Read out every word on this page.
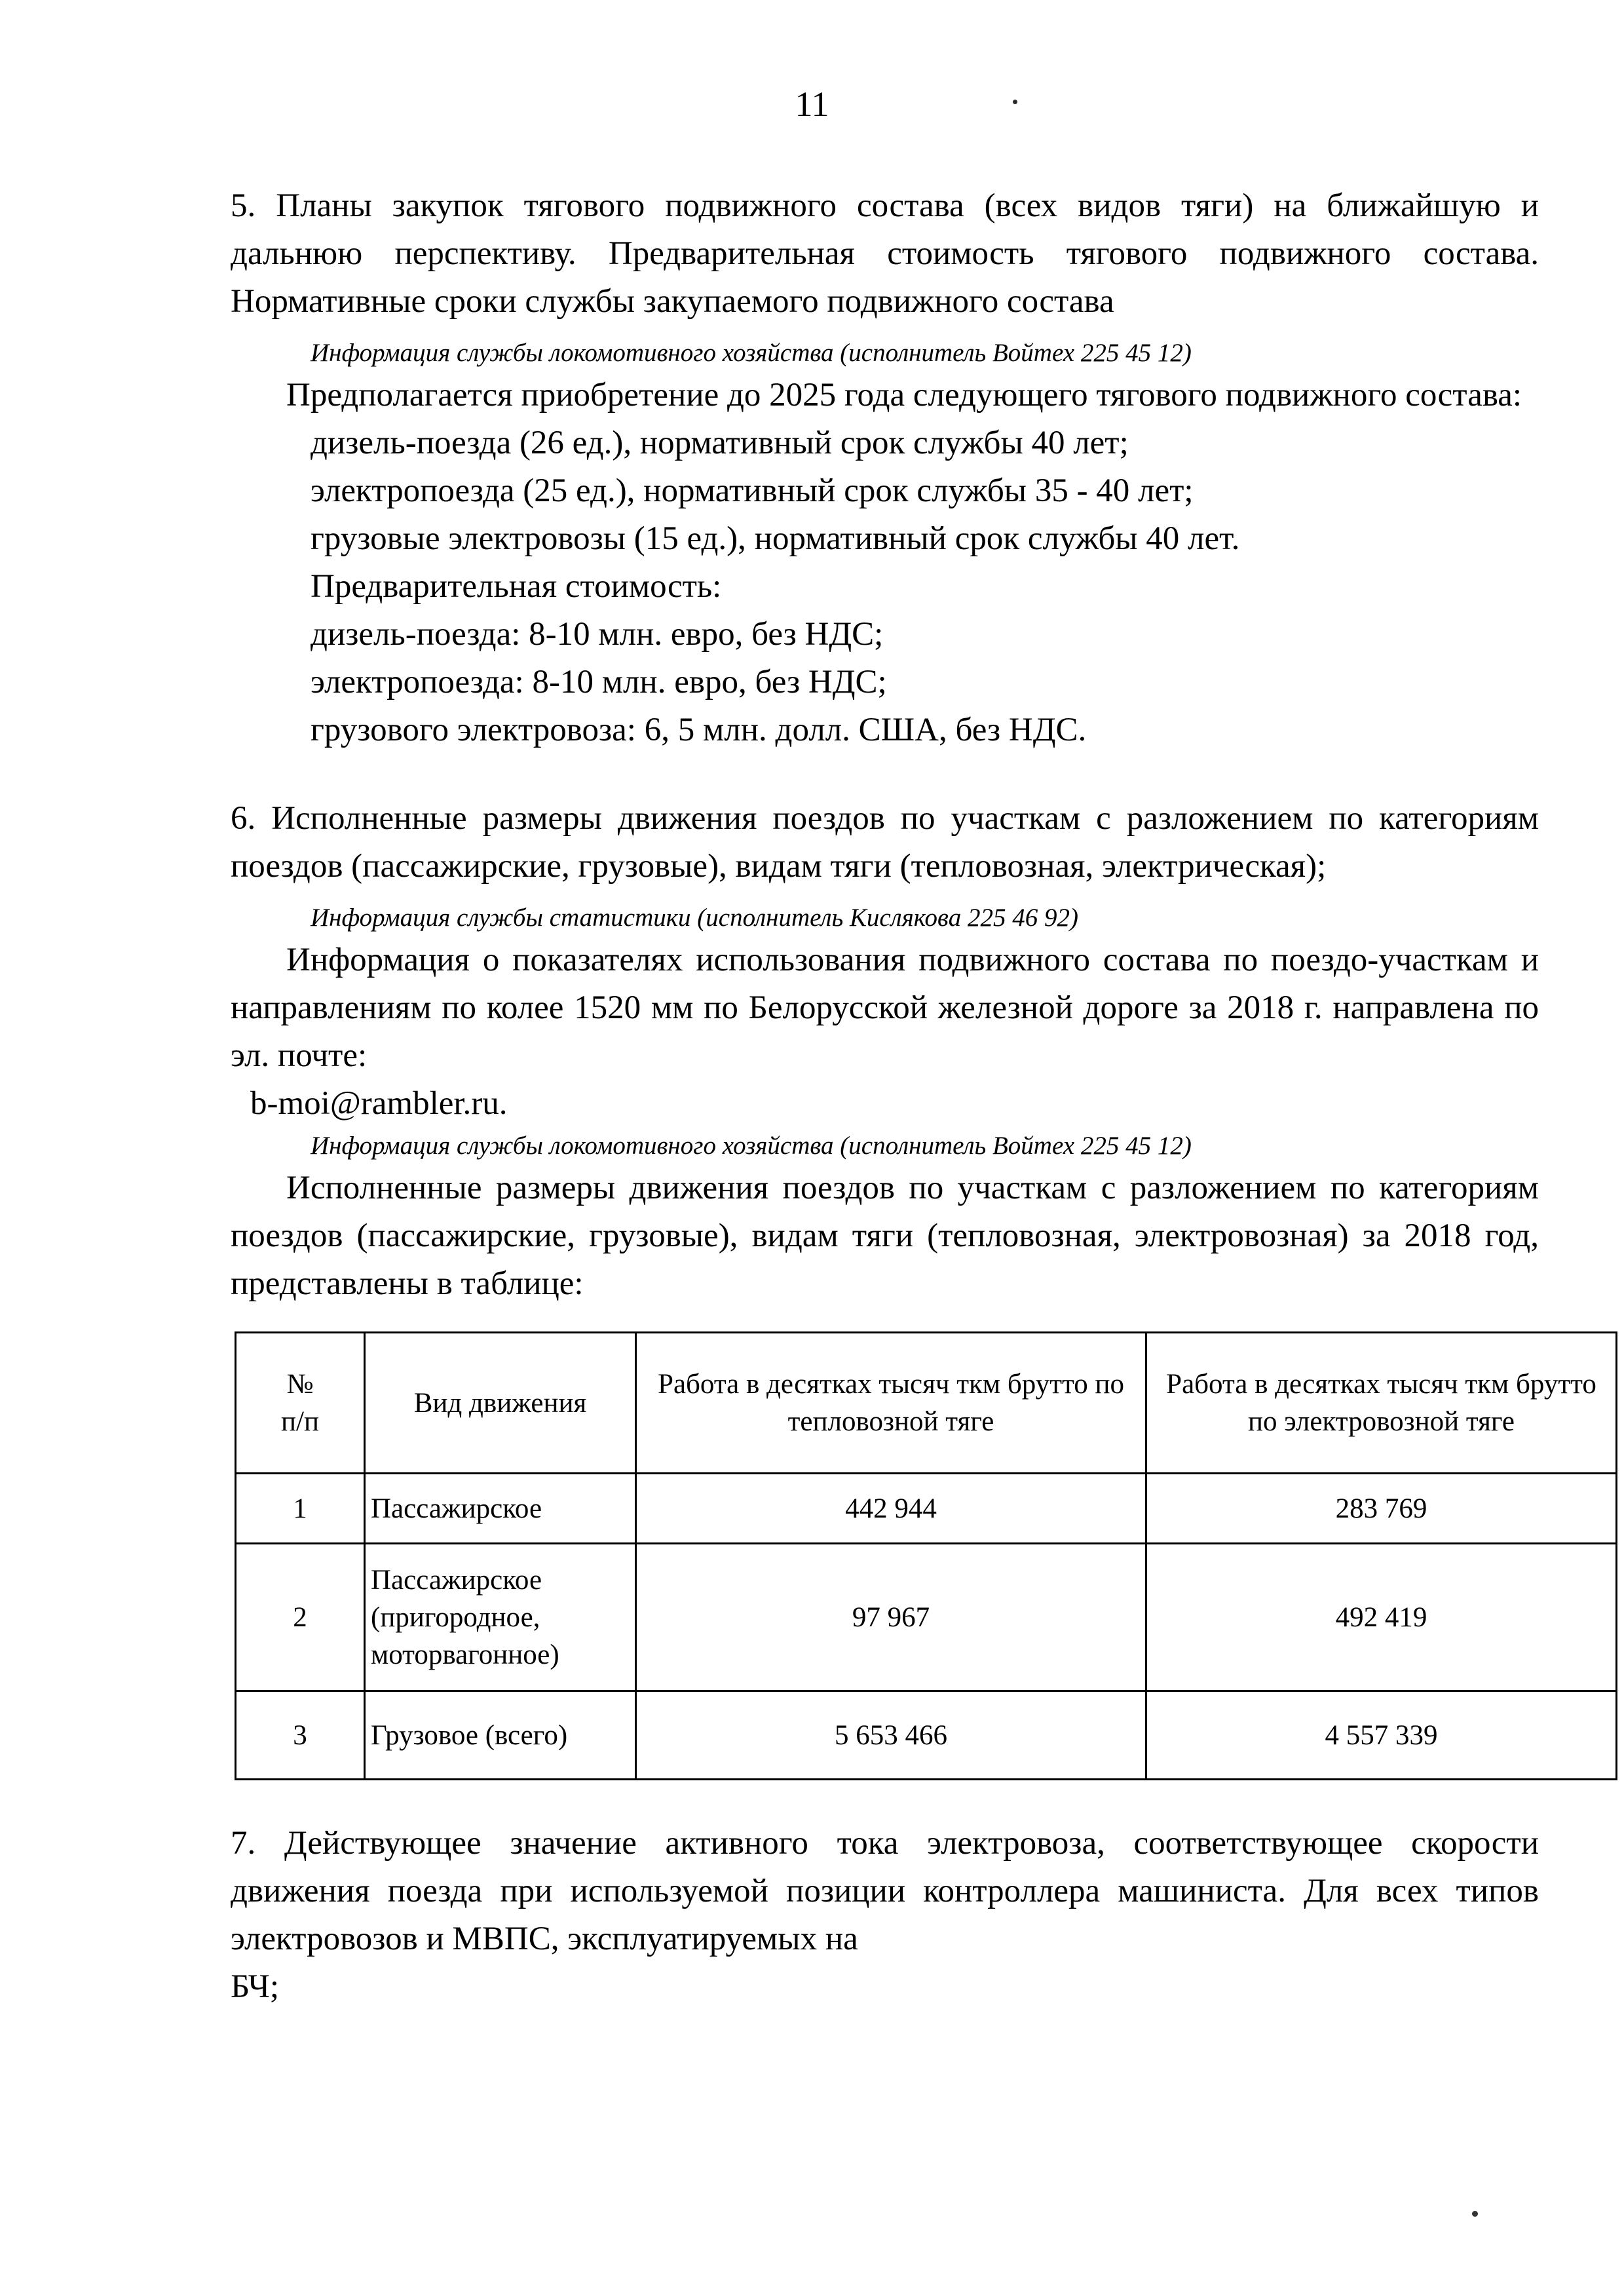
11

5. Планы закупок тягового подвижного состава (всех видов тяги) на ближайшую и дальнюю перспективу. Предварительная стоимость тягового подвижного состава. Нормативные сроки службы закупаемого подвижного состава

Информация службы локомотивного хозяйства (исполнитель Войтех 225 45 12)

Предполагается приобретение до 2025 года следующего тягового подвижного состава:

дизель-поезда (26 ед.), нормативный срок службы 40 лет;

электропоезда (25 ед.), нормативный срок службы 35 - 40 лет;

грузовые электровозы (15 ед.), нормативный срок службы 40 лет.

Предварительная стоимость:

дизель-поезда: 8-10 млн. евро, без НДС;

электропоезда: 8-10 млн. евро, без НДС;

грузового электровоза: 6, 5 млн. долл. США, без НДС.

6. Исполненные размеры движения поездов по участкам с разложением по категориям поездов (пассажирские, грузовые), видам тяги (тепловозная, электрическая);

Информация службы статистики (исполнитель Кислякова 225 46 92)

Информация о показателях использования подвижного состава по поездо-участкам и направлениям по колее 1520 мм по Белорусской железной дороге за 2018 г. направлена по эл. почте:

b-moi@rambler.ru.

Информация службы локомотивного хозяйства (исполнитель Войтех 225 45 12)

Исполненные размеры движения поездов по участкам с разложением по категориям поездов (пассажирские, грузовые), видам тяги (тепловозная, электровозная) за 2018 год, представлены в таблице:

№
п/п	Вид движения	Работа в десятках тысяч ткм брутто по тепловозной тяге	Работа в десятках тысяч ткм брутто по электровозной тяге
1	Пассажирское	442 944	283 769
2	Пассажирское (пригородное, моторвагонное)	97 967	492 419
3	Грузовое (всего)	5 653 466	4 557 339

7. Действующее значение активного тока электровоза, соответствующее скорости движения поезда при используемой позиции контроллера машиниста. Для всех типов электровозов и МВПС, эксплуатируемых на

БЧ;
